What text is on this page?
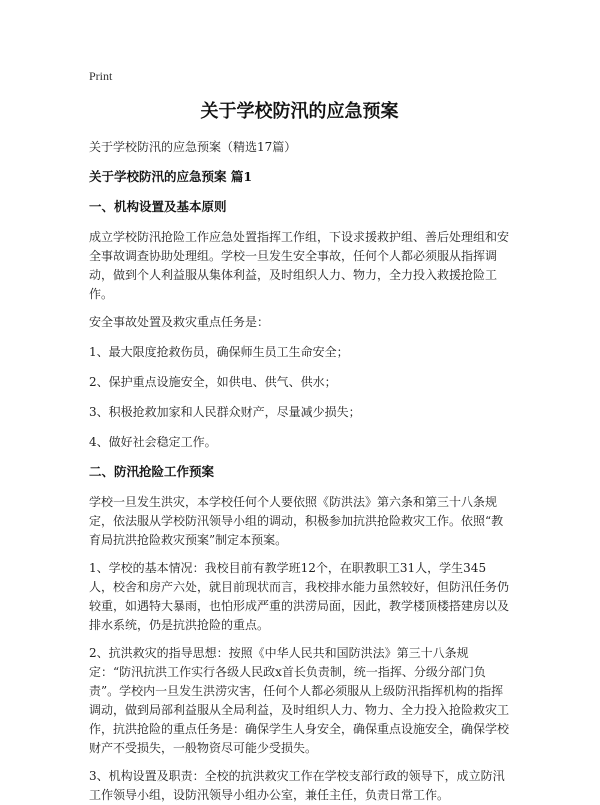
Print
关于学校防汛的应急预案
关于学校防汛的应急预案（精选17篇）
关于学校防汛的应急预案 篇1
一、机构设置及基本原则
成立学校防汛抢险工作应急处置指挥工作组，下设求援救护组、善后处理组和安全事故调查协助处理组。学校一旦发生安全事故，任何个人都必须服从指挥调动，做到个人利益服从集体利益，及时组织人力、物力，全力投入救援抢险工作。
安全事故处置及救灾重点任务是：
1、最大限度抢救伤员，确保师生员工生命安全；
2、保护重点设施安全，如供电、供气、供水；
3、积极抢救加家和人民群众财产，尽量减少损失；
4、做好社会稳定工作。
二、防汛抢险工作预案
学校一旦发生洪灾，本学校任何个人要依照《防洪法》第六条和第三十八条规定，依法服从学校防汛领导小组的调动，积极参加抗洪抢险救灾工作。依照“教育局抗洪抢险救灾预案”制定本预案。
1、学校的基本情况：我校目前有教学班12个，在职教职工31人，学生345人，校舍和房产六处，就目前现状而言，我校排水能力虽然较好，但防汛任务仍较重，如遇特大暴雨，也怕形成严重的洪涝局面，因此，教学楼顶楼搭建房以及排水系统，仍是抗洪抢险的重点。
2、抗洪救灾的指导思想：按照《中华人民共和国防洪法》第三十八条规定：“防汛抗洪工作实行各级人民政x首长负责制，统一指挥、分级分部门负责”。学校内一旦发生洪涝灾害，任何个人都必须服从上级防汛指挥机构的指挥调动，做到局部利益服从全局利益，及时组织人力、物力、全力投入抢险救灾工作，抗洪抢险的重点任务是：确保学生人身安全，确保重点设施安全，确保学校财产不受损失，一般物资尽可能少受损失。
3、机构设置及职责：全校的抗洪救灾工作在学校支部行政的领导下，成立防汛工作领导小组，设防汛领导小组办公室，兼任主任，负责日常工作。
